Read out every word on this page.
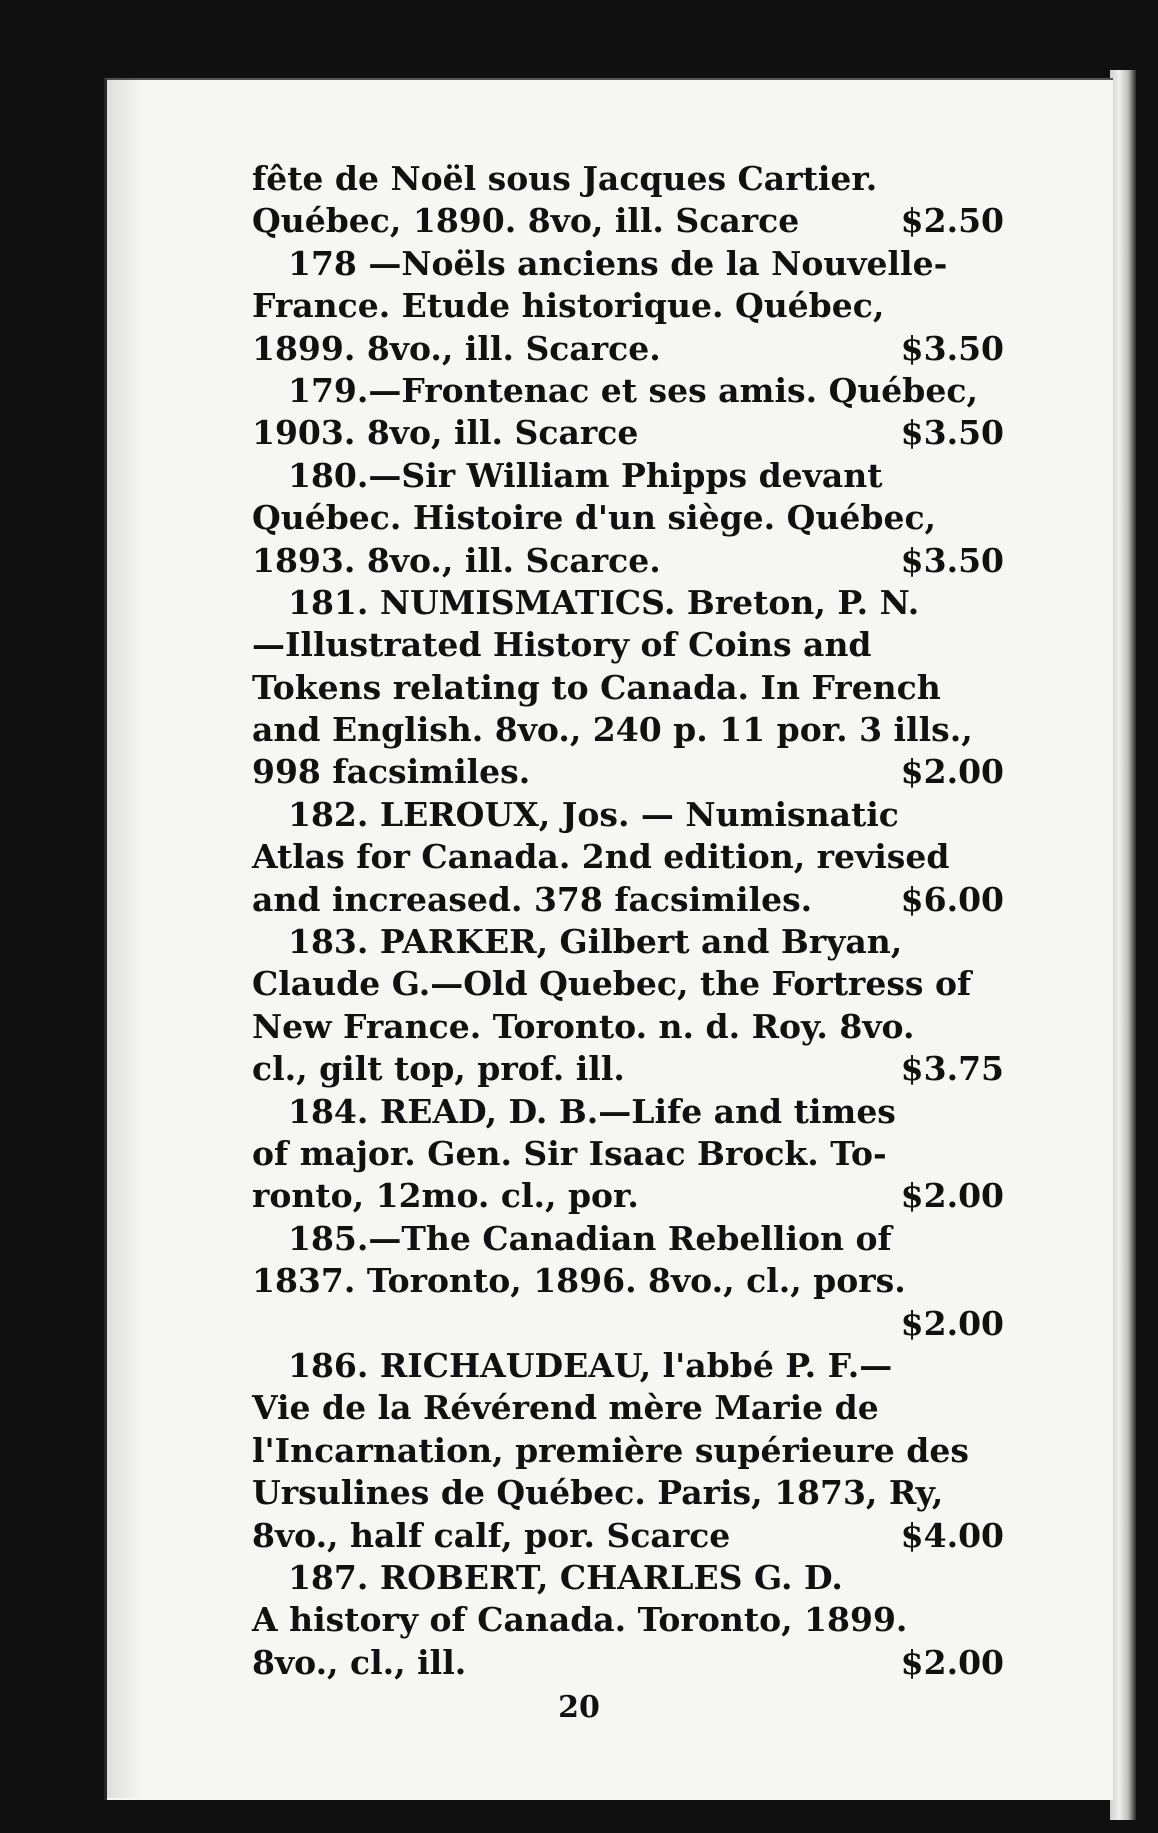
fête de Noël sous Jacques Cartier.
Québec, 1890. 8vo, ill. Scarce	$2.50
178 —Noëls anciens de la Nouvelle-
France. Etude historique. Québec,
1899. 8vo., ill. Scarce.	$3.50
179.—Frontenac et ses amis. Québec,
1903. 8vo, ill. Scarce	$3.50
180.—Sir William Phipps devant
Québec. Histoire d'un siège. Québec,
1893. 8vo., ill. Scarce.	$3.50
181. NUMISMATICS. Breton, P. N.
—Illustrated History of Coins and
Tokens relating to Canada. In French
and English. 8vo., 240 p. 11 por. 3 ills.,
998 facsimiles.	$2.00
182. LEROUX, Jos. — Numisnatic
Atlas for Canada. 2nd edition, revised
and increased. 378 facsimiles.	$6.00
183. PARKER, Gilbert and Bryan,
Claude G.—Old Quebec, the Fortress of
New France. Toronto. n. d. Roy. 8vo.
cl., gilt top, prof. ill.	$3.75
184. READ, D. B.—Life and times
of major. Gen. Sir Isaac Brock. To-
ronto, 12mo. cl., por.	$2.00
185.—The Canadian Rebellion of
1837. Toronto, 1896. 8vo., cl., pors.
$2.00
186. RICHAUDEAU, l'abbé P. F.—
Vie de la Révérend mère Marie de
l'Incarnation, première supérieure des
Ursulines de Québec. Paris, 1873, Ry,
8vo., half calf, por. Scarce	$4.00
187. ROBERT, CHARLES G. D.
A history of Canada. Toronto, 1899.
8vo., cl., ill.	$2.00
20
